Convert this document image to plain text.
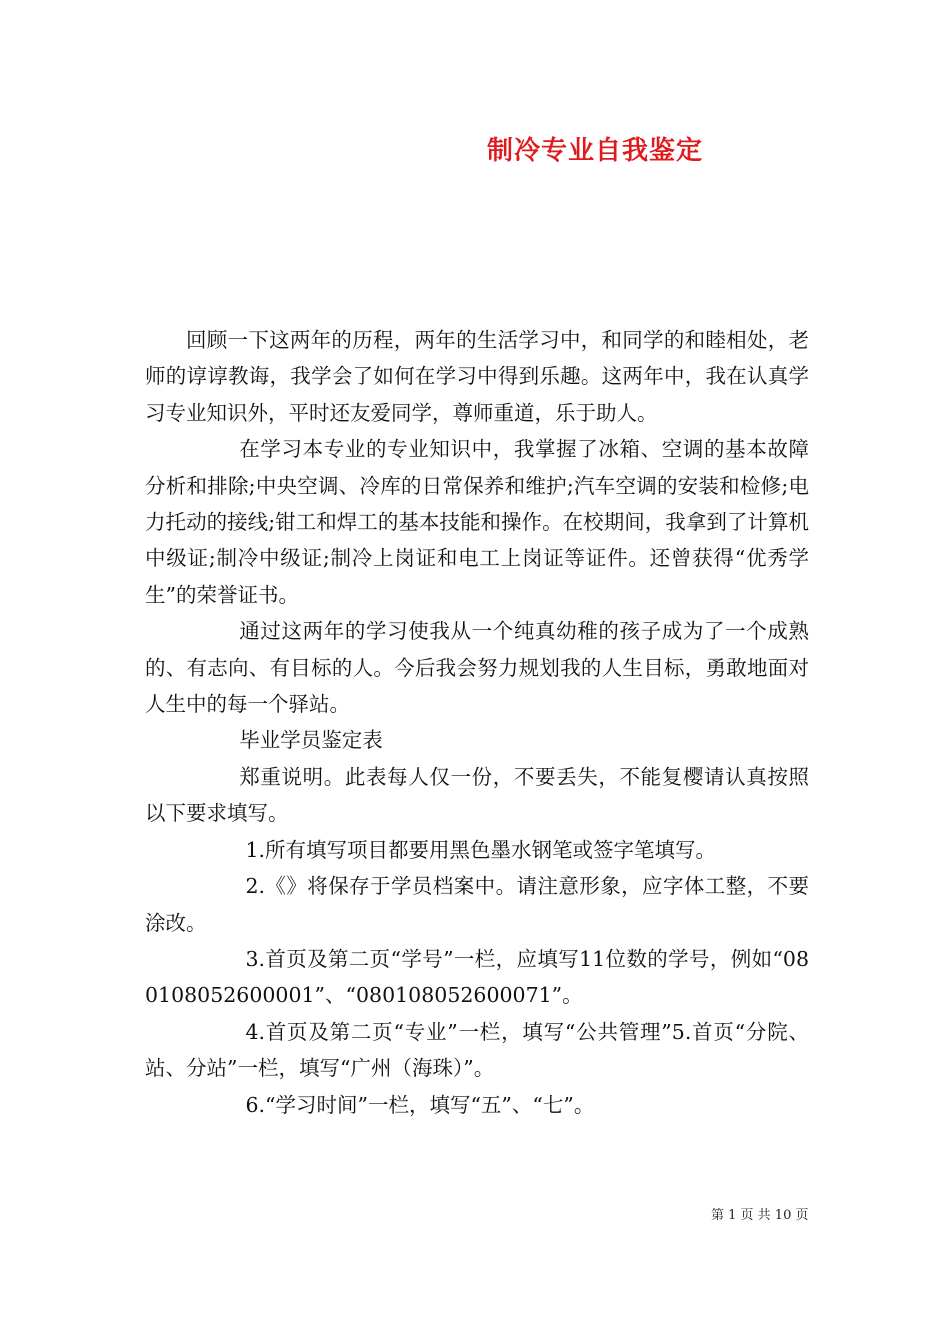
制冷专业自我鉴定

回顾一下这两年的历程，两年的生活学习中，和同学的和睦相处，老师的谆谆教诲，我学会了如何在学习中得到乐趣。这两年中，我在认真学习专业知识外，平时还友爱同学，尊师重道，乐于助人。

在学习本专业的专业知识中，我掌握了冰箱、空调的基本故障分析和排除;中央空调、冷库的日常保养和维护;汽车空调的安装和检修;电力托动的接线;钳工和焊工的基本技能和操作。在校期间，我拿到了计算机中级证;制冷中级证;制冷上岗证和电工上岗证等证件。还曾获得“优秀学生”的荣誉证书。

通过这两年的学习使我从一个纯真幼稚的孩子成为了一个成熟的、有志向、有目标的人。今后我会努力规划我的人生目标，勇敢地面对人生中的每一个驿站。

毕业学员鉴定表

郑重说明。此表每人仅一份，不要丢失，不能复樱请认真按照以下要求填写。

1.所有填写项目都要用黑色墨水钢笔或签字笔填写。

2.《》将保存于学员档案中。请注意形象，应字体工整，不要涂改。

3.首页及第二页“学号”一栏，应填写11位数的学号，例如“080108052600001”、“080108052600071”。

4.首页及第二页“专业”一栏，填写“公共管理”5.首页“分院、站、分站”一栏，填写“广州（海珠）”。

6.“学习时间”一栏，填写“五”、“七”。

第 1 页 共 10 页
